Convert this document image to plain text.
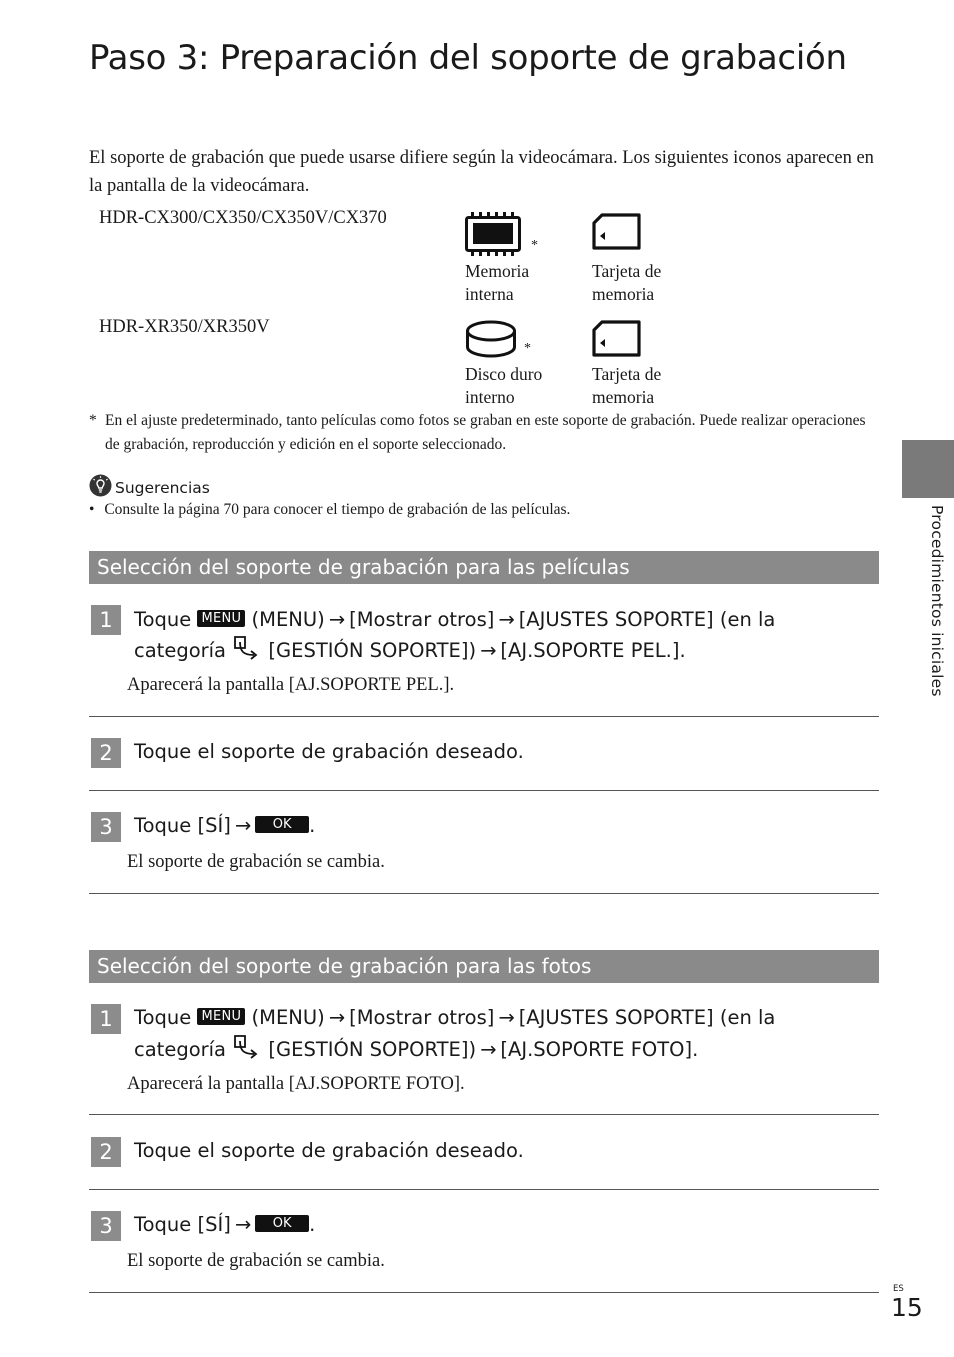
Paso 3: Preparación del soporte de grabación
El soporte de grabación que puede usarse difiere según la videocámara. Los siguientes iconos aparecen en la pantalla de la videocámara.
HDR-CX300/CX350/CX350V/CX370
*
Memoria
interna
Tarjeta de
memoria
HDR-XR350/XR350V
*
Disco duro
interno
Tarjeta de
memoria
* En el ajuste predeterminado, tanto películas como fotos se graban en este soporte de grabación. Puede realizar operaciones de grabación, reproducción y edición en el soporte seleccionado.
Sugerencias
• Consulte la página 70 para conocer el tiempo de grabación de las películas.
Selección del soporte de grabación para las películas
1	Toque MENU (MENU) → [Mostrar otros] → [AJUSTES SOPORTE] (en la
categoría [GESTIÓN SOPORTE]) → [AJ.SOPORTE PEL.].
Aparecerá la pantalla [AJ.SOPORTE PEL.].
2	Toque el soporte de grabación deseado.
3	Toque [SÍ] → OK .
El soporte de grabación se cambia.
Selección del soporte de grabación para las fotos
1	Toque MENU (MENU) → [Mostrar otros] → [AJUSTES SOPORTE] (en la
categoría [GESTIÓN SOPORTE]) → [AJ.SOPORTE FOTO].
Aparecerá la pantalla [AJ.SOPORTE FOTO].
2	Toque el soporte de grabación deseado.
3	Toque [SÍ] → OK .
El soporte de grabación se cambia.
Procedimientos iniciales
ES
15
